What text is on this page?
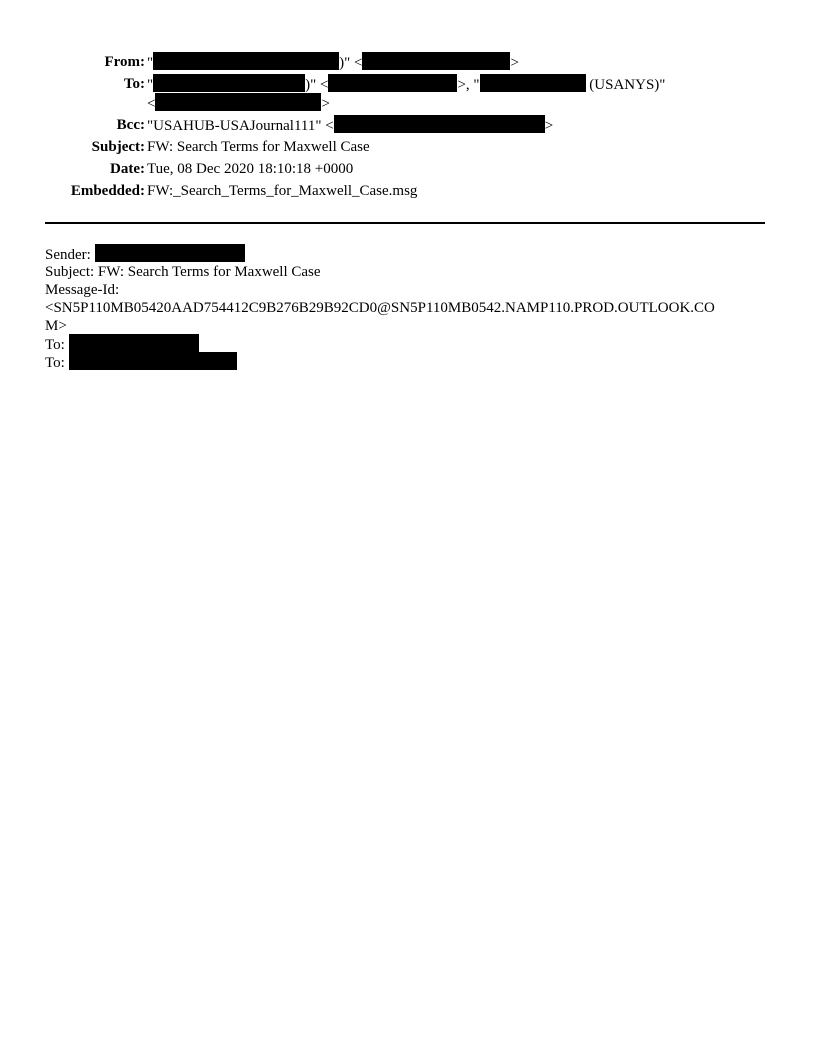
From: "	)" <	>
To: "	)" <	>, "	(USANYS)"
<	>
Bcc: "USAHUB-USAJournal111" <	>
Subject: FW: Search Terms for Maxwell Case
Date: Tue, 08 Dec 2020 18:10:18 +0000
Embedded: FW:_Search_Terms_for_Maxwell_Case.msg
Sender:
Subject: FW: Search Terms for Maxwell Case
Message-Id:
<SN5P110MB05420AAD754412C9B276B29B92CD0@SN5P110MB0542.NAMP110.PROD.OUTLOOK.CO
M>
To:
To:
